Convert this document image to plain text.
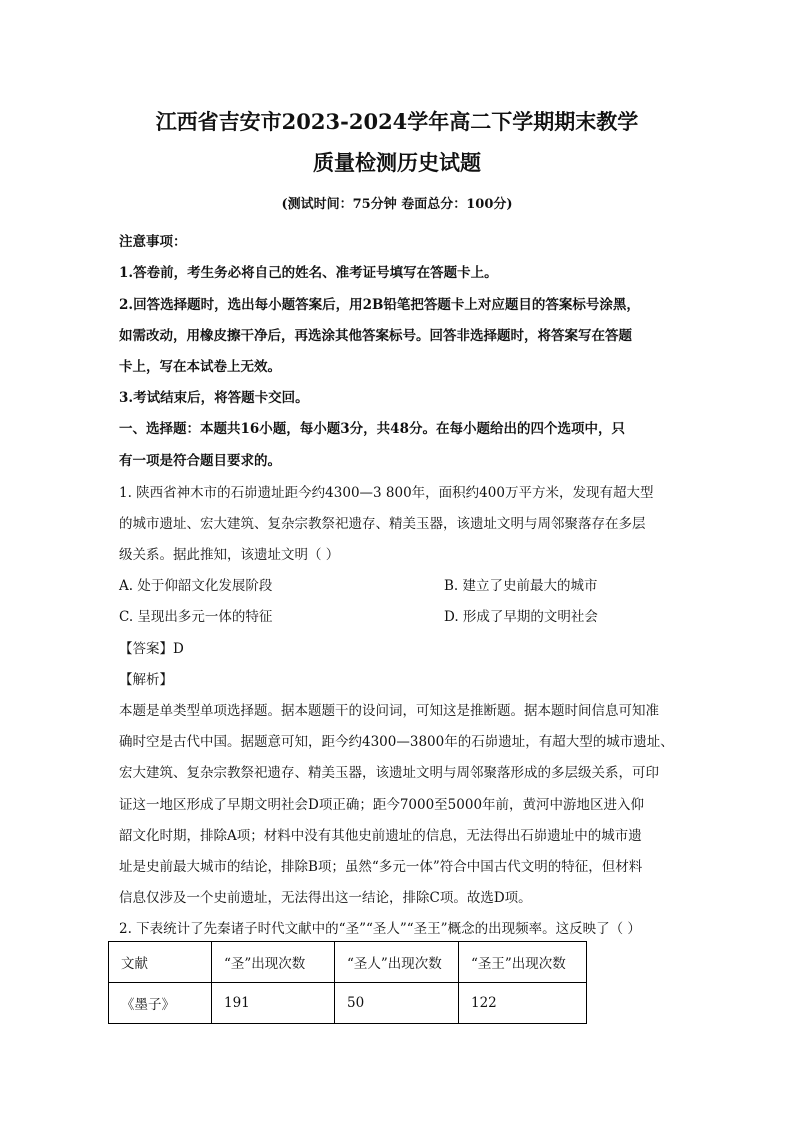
江西省吉安市2023-2024学年高二下学期期末教学
质量检测历史试题
(测试时间：75分钟 卷面总分：100分)
注意事项：
1.答卷前，考生务必将自己的姓名、准考证号填写在答题卡上。
2.回答选择题时，选出每小题答案后，用2B铅笔把答题卡上对应题目的答案标号涂黑，
如需改动，用橡皮擦干净后，再选涂其他答案标号。回答非选择题时，将答案写在答题
卡上，写在本试卷上无效。
3.考试结束后，将答题卡交回。
一、选择题：本题共16小题，每小题3分，共48分。在每小题给出的四个选项中，只
有一项是符合题目要求的。
1. 陕西省神木市的石峁遗址距今约4300—3 800年，面积约400万平方米，发现有超大型
的城市遗址、宏大建筑、复杂宗教祭祀遗存、精美玉器，该遗址文明与周邻聚落存在多层
级关系。据此推知，该遗址文明（ ）
A. 处于仰韶文化发展阶段	B. 建立了史前最大的城市
C. 呈现出多元一体的特征	D. 形成了早期的文明社会
【答案】D
【解析】
本题是单类型单项选择题。据本题题干的设问词，可知这是推断题。据本题时间信息可知准
确时空是古代中国。据题意可知，距今约4300—3800年的石峁遗址，有超大型的城市遗址、
宏大建筑、复杂宗教祭祀遗存、精美玉器，该遗址文明与周邻聚落形成的多层级关系，可印
证这一地区形成了早期文明社会D项正确；距今7000至5000年前，黄河中游地区进入仰
韶文化时期，排除A项；材料中没有其他史前遗址的信息，无法得出石峁遗址中的城市遗
址是史前最大城市的结论，排除B项；虽然“多元一体”符合中国古代文明的特征，但材料
信息仅涉及一个史前遗址，无法得出这一结论，排除C项。故选D项。
2. 下表统计了先秦诸子时代文献中的“圣”“圣人”“圣王”概念的出现频率。这反映了（ ）
文献	“圣”出现次数	“圣人”出现次数	“圣王”出现次数
《墨子》	191	50	122
